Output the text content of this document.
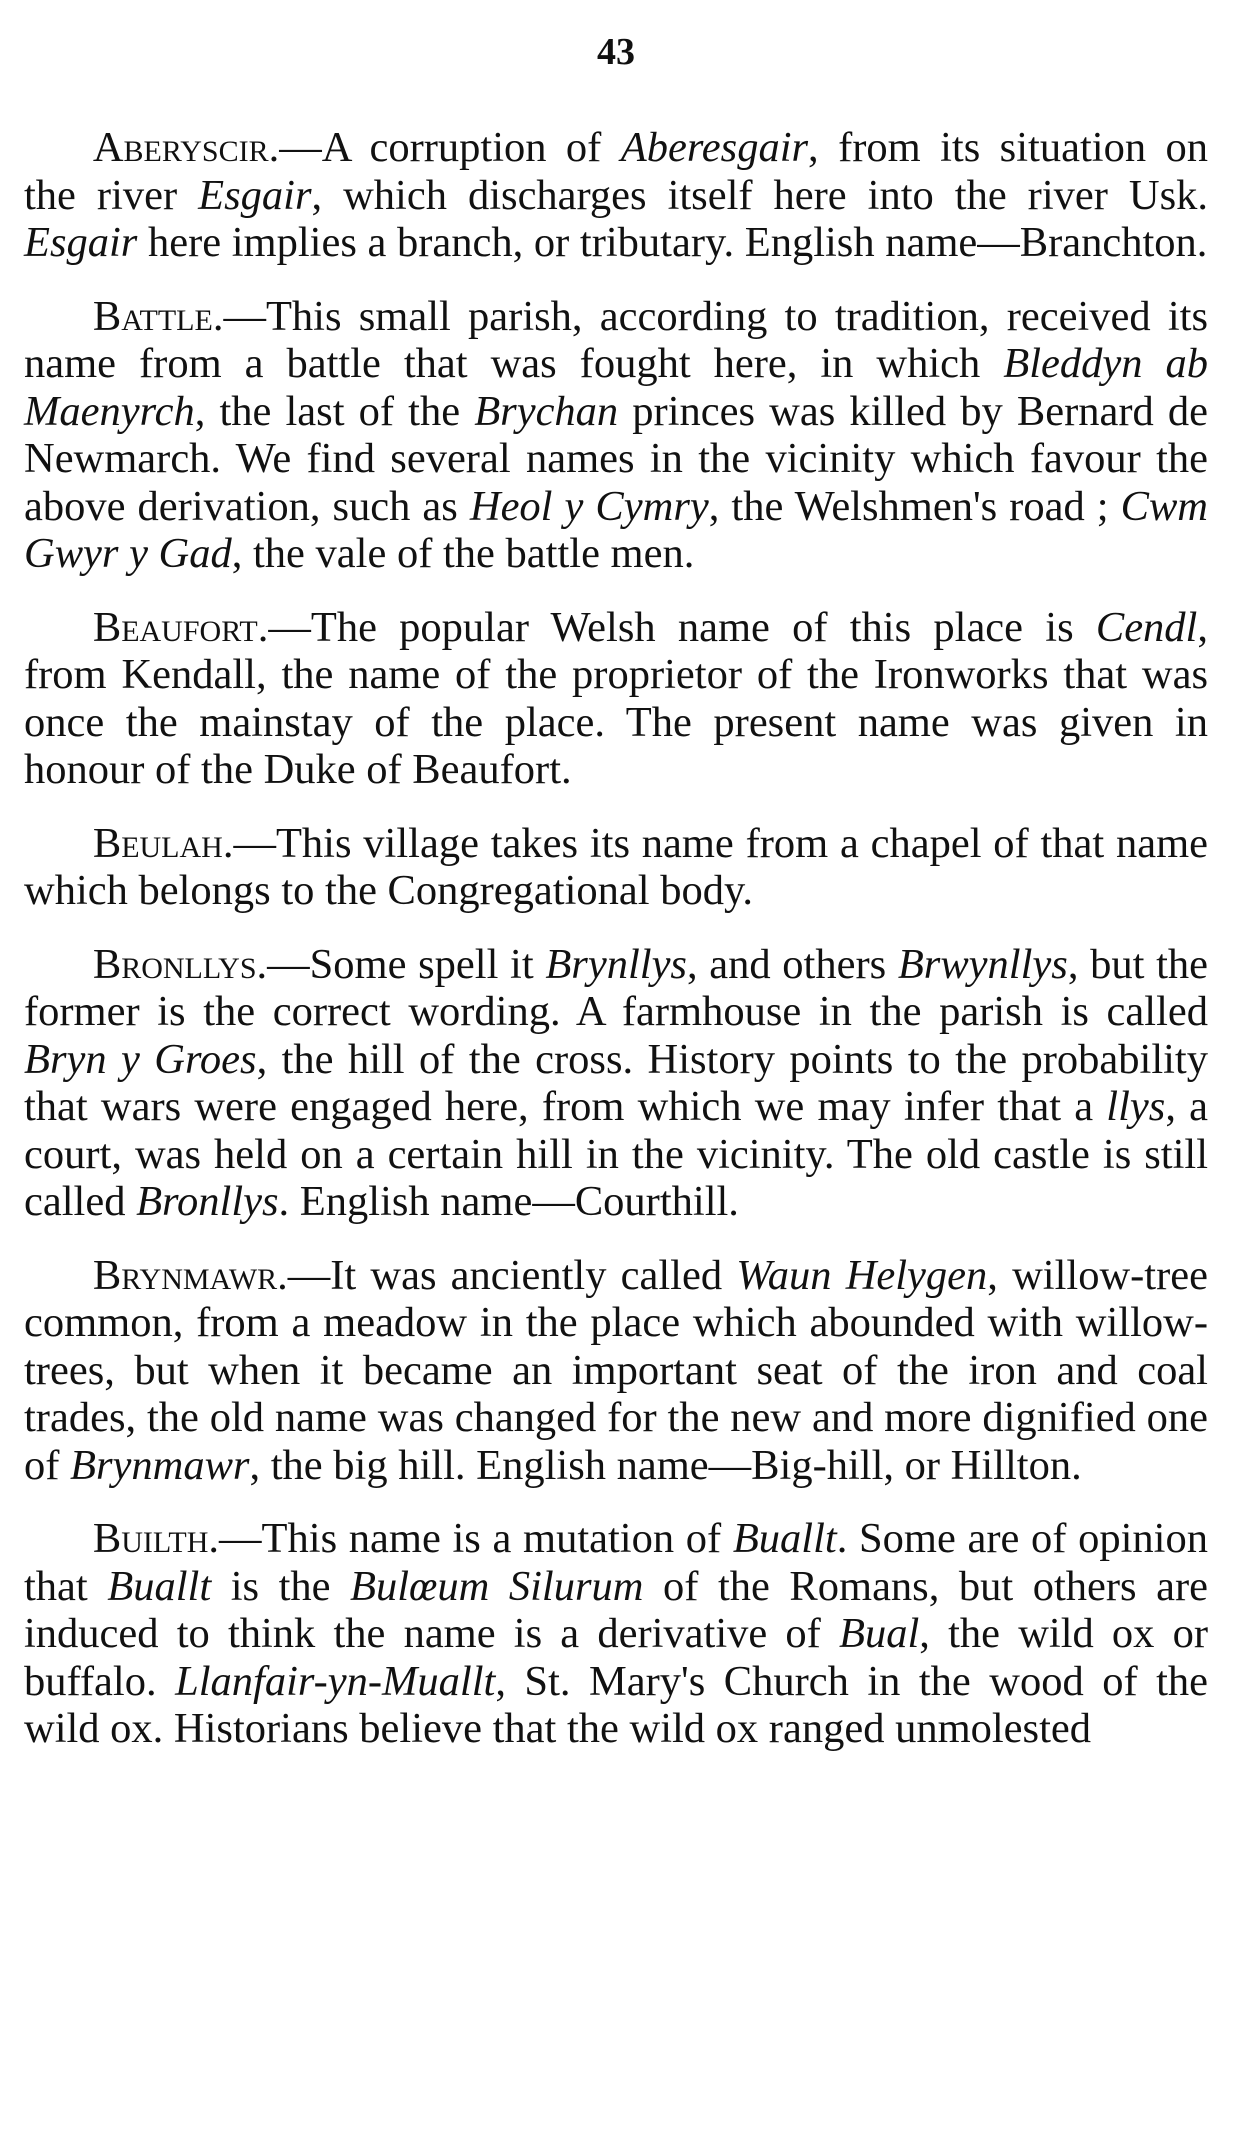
43

Aberyscir.—A corruption of Aberesgair, from its situation on the river Esgair, which discharges itself here into the river Usk. Esgair here implies a branch, or tributary. English name—Branchton.

Battle.—This small parish, according to tradition, received its name from a battle that was fought here, in which Bleddyn ab Maenyrch, the last of the Brychan princes was killed by Bernard de Newmarch. We find several names in the vicinity which favour the above derivation, such as Heol y Cymry, the Welshmen's road ; Cwm Gwyr y Gad, the vale of the battle men.

Beaufort.—The popular Welsh name of this place is Cendl, from Kendall, the name of the proprietor of the Ironworks that was once the mainstay of the place. The present name was given in honour of the Duke of Beaufort.

Beulah.—This village takes its name from a chapel of that name which belongs to the Congregational body.

Bronllys.—Some spell it Brynllys, and others Brwynllys, but the former is the correct wording. A farmhouse in the parish is called Bryn y Groes, the hill of the cross. History points to the probability that wars were engaged here, from which we may infer that a llys, a court, was held on a certain hill in the vicinity. The old castle is still called Bronllys. English name—Courthill.

Brynmawr.—It was anciently called Waun Helygen, willow-tree common, from a meadow in the place which abounded with willow-trees, but when it became an important seat of the iron and coal trades, the old name was changed for the new and more dignified one of Brynmawr, the big hill. English name—Big-hill, or Hillton.

Builth.—This name is a mutation of Buallt. Some are of opinion that Buallt is the Bulœum Silurum of the Romans, but others are induced to think the name is a derivative of Bual, the wild ox or buffalo. Llanfair-yn-Muallt, St. Mary's Church in the wood of the wild ox. Historians believe that the wild ox ranged unmolested
